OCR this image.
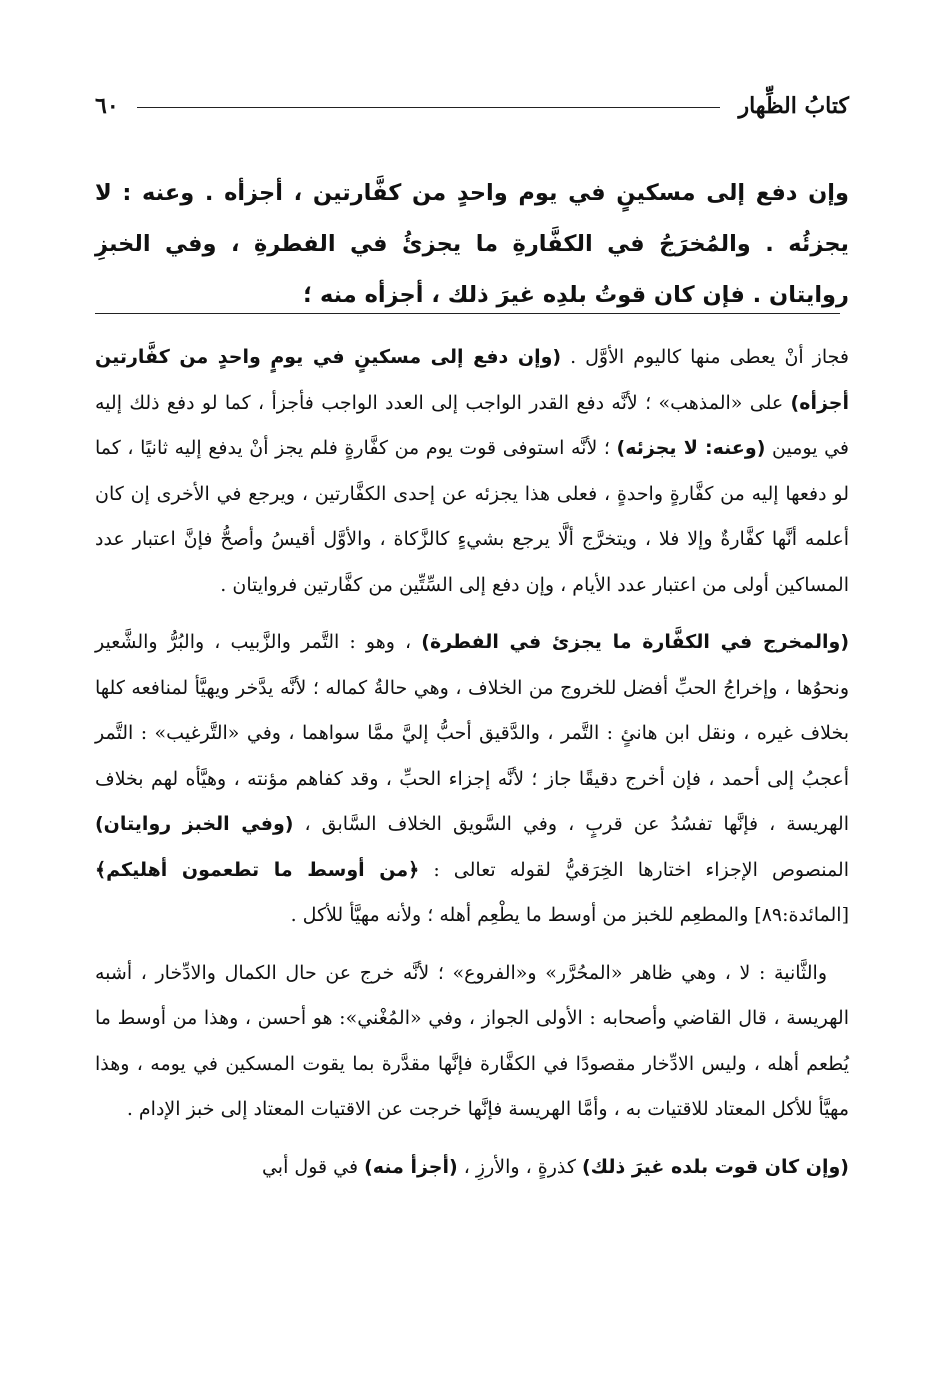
كتابُ الظِّهار
٦٠
وإن دفع إلى مسكينٍ في يوم واحدٍ من كفَّارتين ، أجزأه . وعنه : لا يجزئُه . والمُخرَجُ في الكفَّارةِ ما يجزئُ في الفطرةِ ، وفي الخبزِ روايتان . فإن كان قوتُ بلدِه غيرَ ذلك ، أجزأه منه ؛

فجاز أنْ يعطى منها كاليوم الأوَّل . (وإن دفع إلى مسكينٍ في يومٍ واحدٍ من كفَّارتين أجزأه) على «المذهب» ؛ لأنَّه دفع القدر الواجب إلى العدد الواجب فأجزأ ، كما لو دفع ذلك إليه في يومين (وعنه: لا يجزئه) ؛ لأنَّه استوفى قوت يوم من كفَّارةٍ فلم يجز أنْ يدفع إليه ثانيًا ، كما لو دفعها إليه من كفَّارةٍ واحدةٍ ، فعلى هذا يجزئه عن إحدى الكفَّارتين ، ويرجع في الأخرى إن كان أعلمه أنَّها كفَّارةٌ وإلا فلا ، ويتخرَّج ألَّا يرجع بشيءٍ كالزَّكاة ، والأوَّل أقيسُ وأصحُّ فإنَّ اعتبار عدد المساكين أولى من اعتبار عدد الأيام ، وإن دفع إلى السِّتِّين من كفَّارتين فروايتان .

(والمخرج في الكفَّارة ما يجزئ في الفطرة) ، وهو : التَّمر والزَّبيب ، والبُرُّ والشَّعير ونحوُها ، وإخراجُ الحبِّ أفضل للخروج من الخلاف ، وهي حالةُ كماله ؛ لأنَّه يدَّخر ويهيَّأ لمنافعه كلها بخلاف غيره ، ونقل ابن هانئٍ : التَّمر ، والدَّقيق أحبُّ إليَّ ممَّا سواهما ، وفي «التَّرغيب» : التَّمر أعجبُ إلى أحمد ، فإن أخرج دقيقًا جاز ؛ لأنَّه إجزاء الحبِّ ، وقد كفاهم مؤنته ، وهيَّأه لهم بخلاف الهريسة ، فإنَّها تفسُدُ عن قربٍ ، وفي السَّويق الخلاف السَّابق ، (وفي الخبز روايتان) المنصوص الإجزاء اختارها الخِرَقيُّ لقوله تعالى : ﴿من أوسط ما تطعمون أهليكم﴾[المائدة:٨٩] والمطعِم للخبز من أوسط ما يطْعِم أهله ؛ ولأنه مهيَّأ للأكل .

والثَّانية : لا ، وهي ظاهر «المحُرَّر» و«الفروع» ؛ لأنَّه خرج عن حال الكمال والادِّخار ، أشبه الهريسة ، قال القاضي وأصحابه : الأولى الجواز ، وفي «المُغْني»: هو أحسن ، وهذا من أوسط ما يُطعم أهله ، وليس الادِّخار مقصودًا في الكفَّارة فإنَّها مقدَّرة بما يقوت المسكين في يومه ، وهذا مهيَّأ للأكل المعتاد للاقتيات به ، وأمَّا الهريسة فإنَّها خرجت عن الاقتيات المعتاد إلى خبز الإدام .

(وإن كان قوت بلده غيرَ ذلك) كذرةٍ ، والأرزِ ، (أجزأ منه) في قول أبي
